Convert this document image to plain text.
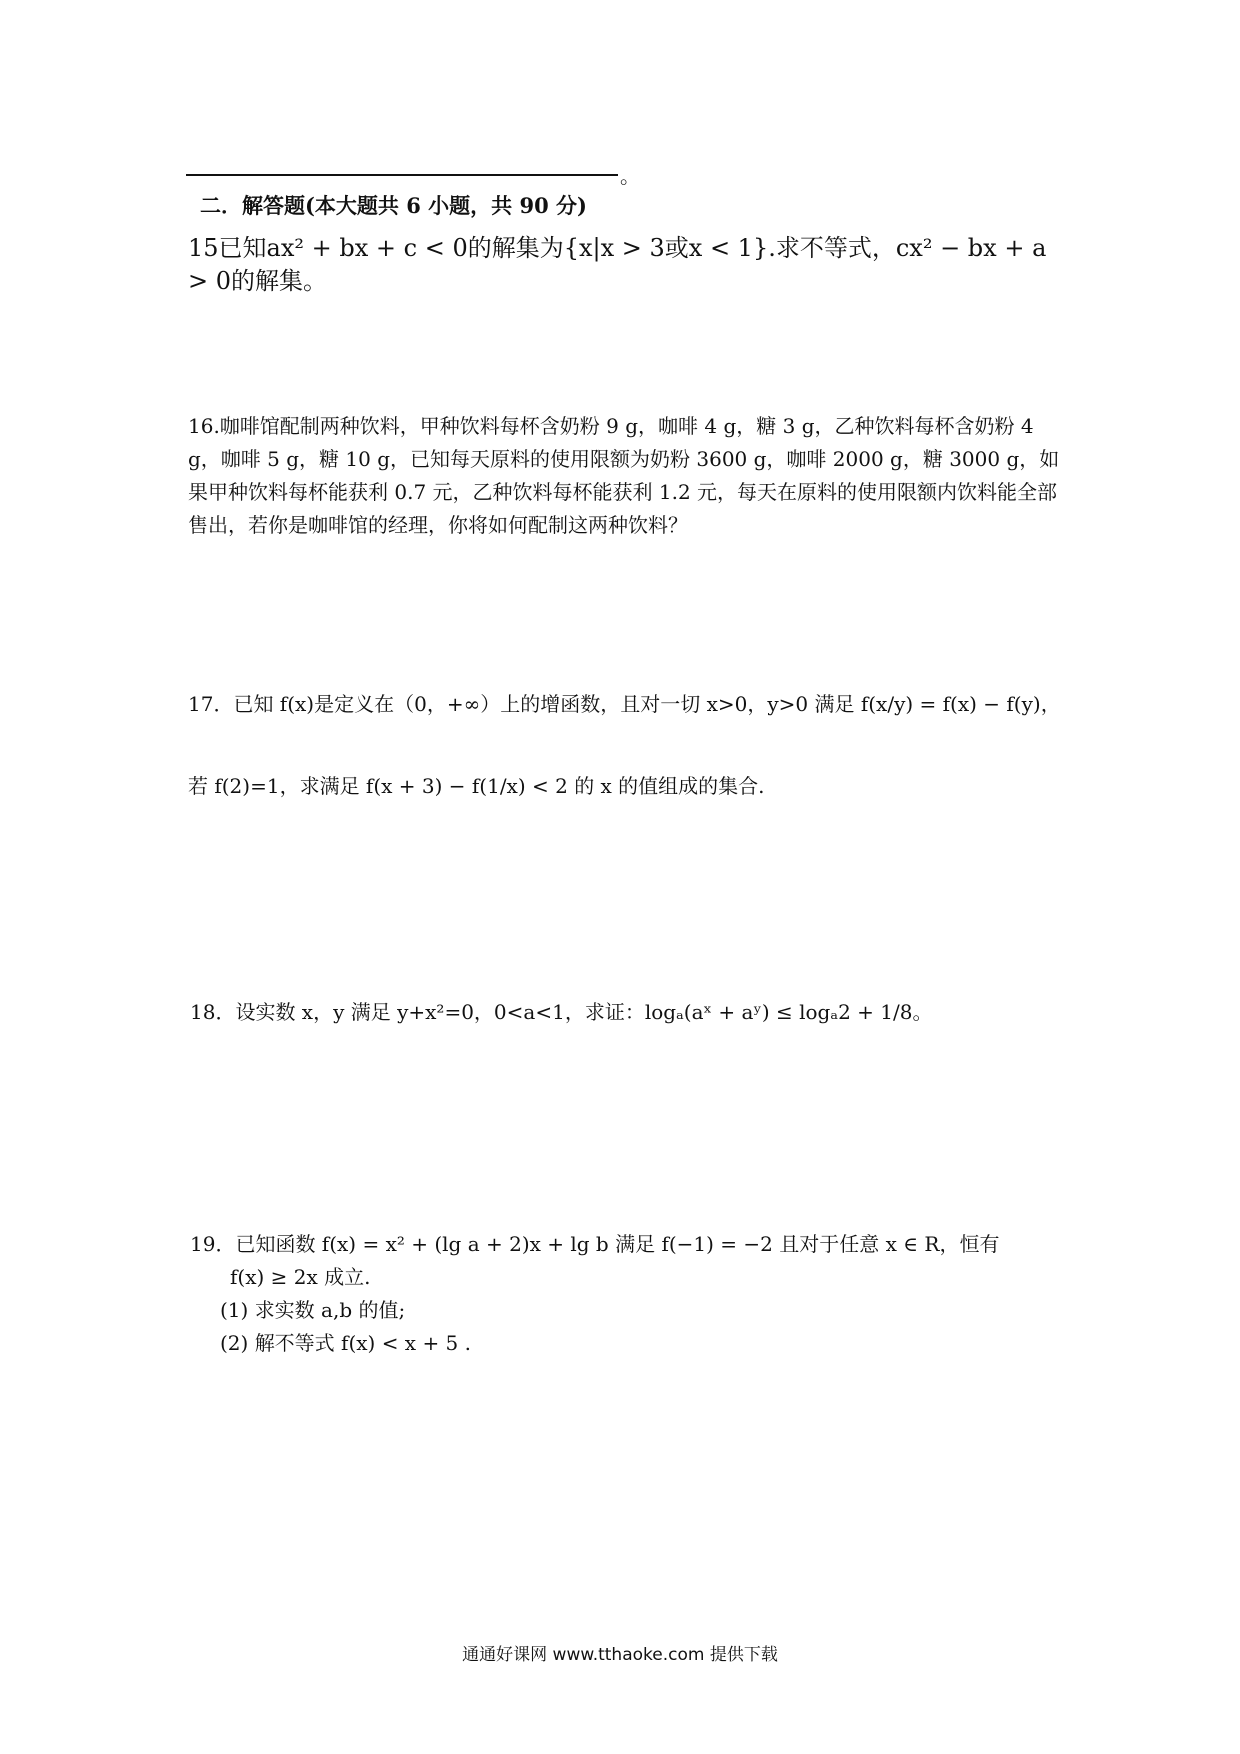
。
二．解答题(本大题共 6 小题，共 90 分)
15已知ax² + bx + c < 0的解集为{x|x > 3或x < 1}.求不等式，cx² − bx + a > 0的解集。
16.咖啡馆配制两种饮料，甲种饮料每杯含奶粉 9 g，咖啡 4 g，糖 3 g，乙种饮料每杯含奶粉 4 g，咖啡 5 g，糖 10 g，已知每天原料的使用限额为奶粉 3600 g，咖啡 2000 g，糖 3000 g，如果甲种饮料每杯能获利 0.7 元，乙种饮料每杯能获利 1.2 元，每天在原料的使用限额内饮料能全部售出，若你是咖啡馆的经理，你将如何配制这两种饮料？
17．已知 f(x)是定义在（0，+∞）上的增函数，且对一切 x>0，y>0 满足 f(x/y) = f(x) − f(y)，
若 f(2)=1，求满足 f(x + 3) − f(1/x) < 2 的 x 的值组成的集合.
18．设实数 x，y 满足 y+x²=0，0<a<1，求证：logₐ(aˣ + aʸ) ≤ logₐ2 + 1/8。
19．已知函数 f(x) = x² + (lg a + 2)x + lg b 满足 f(−1) = −2 且对于任意 x ∈ R，恒有
f(x) ≥ 2x 成立.
(1) 求实数 a,b 的值;
(2) 解不等式 f(x) < x + 5 .
通通好课网 www.tthaoke.com 提供下载
